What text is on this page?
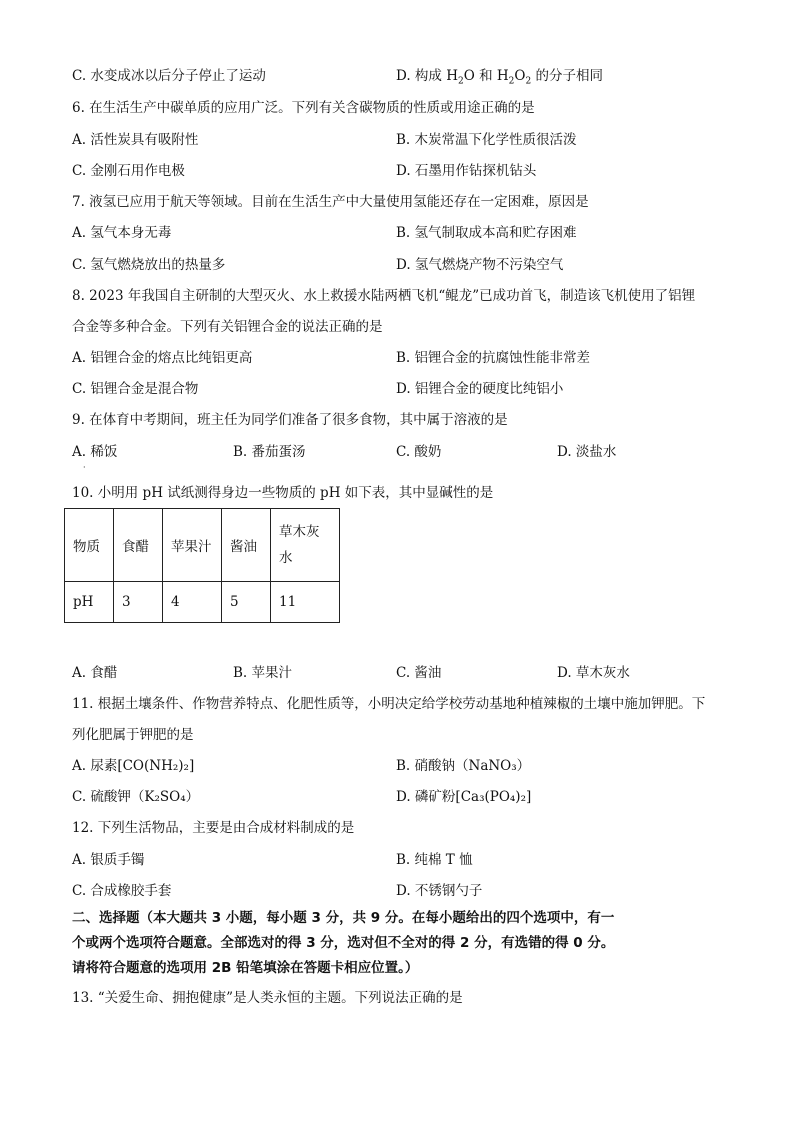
C. 水变成冰以后分子停止了运动	D. 构成 $H_2O$ 和 $H_2O_2$ 的分子相同
6. 在生活生产中碳单质的应用广泛。下列有关含碳物质的性质或用途正确的是
A. 活性炭具有吸附性	B. 木炭常温下化学性质很活泼
C. 金刚石用作电极	D. 石墨用作钻探机钻头
7. 液氢已应用于航天等领域。目前在生活生产中大量使用氢能还存在一定困难，原因是
A. 氢气本身无毒	B. 氢气制取成本高和贮存困难
C. 氢气燃烧放出的热量多	D. 氢气燃烧产物不污染空气
8. 2023 年我国自主研制的大型灭火、水上救援水陆两栖飞机“鲲龙”已成功首飞，制造该飞机使用了铝锂
合金等多种合金。下列有关铝锂合金的说法正确的是
A. 铝锂合金的熔点比纯铝更高	B. 铝锂合金的抗腐蚀性能非常差
C. 铝锂合金是混合物	D. 铝锂合金的硬度比纯铝小
9. 在体育中考期间，班主任为同学们准备了很多食物，其中属于溶液的是
A. 稀饭	B. 番茄蛋汤	C. 酸奶	D. 淡盐水
·
10. 小明用 pH 试纸测得身边一些物质的 pH 如下表，其中显碱性的是
物质	食醋	苹果汁	酱油	草木灰水
pH	3	4	5	11
A. 食醋	B. 苹果汁	C. 酱油	D. 草木灰水
11. 根据土壤条件、作物营养特点、化肥性质等，小明决定给学校劳动基地种植辣椒的土壤中施加钾肥。下
列化肥属于钾肥的是
A. 尿素[CO(NH₂)₂]	B. 硝酸钠（NaNO₃）
C. 硫酸钾（K₂SO₄）	D. 磷矿粉[Ca₃(PO₄)₂]
12. 下列生活物品，主要是由合成材料制成的是
A. 银质手镯	B. 纯棉 T 恤
C. 合成橡胶手套	D. 不锈钢勺子
二、选择题（本大题共 3 小题，每小题 3 分，共 9 分。在每小题给出的四个选项中，有一
个或两个选项符合题意。全部选对的得 3 分，选对但不全对的得 2 分，有选错的得 0 分。
请将符合题意的选项用 2B 铅笔填涂在答题卡相应位置。）
13. “关爱生命、拥抱健康”是人类永恒的主题。下列说法正确的是
